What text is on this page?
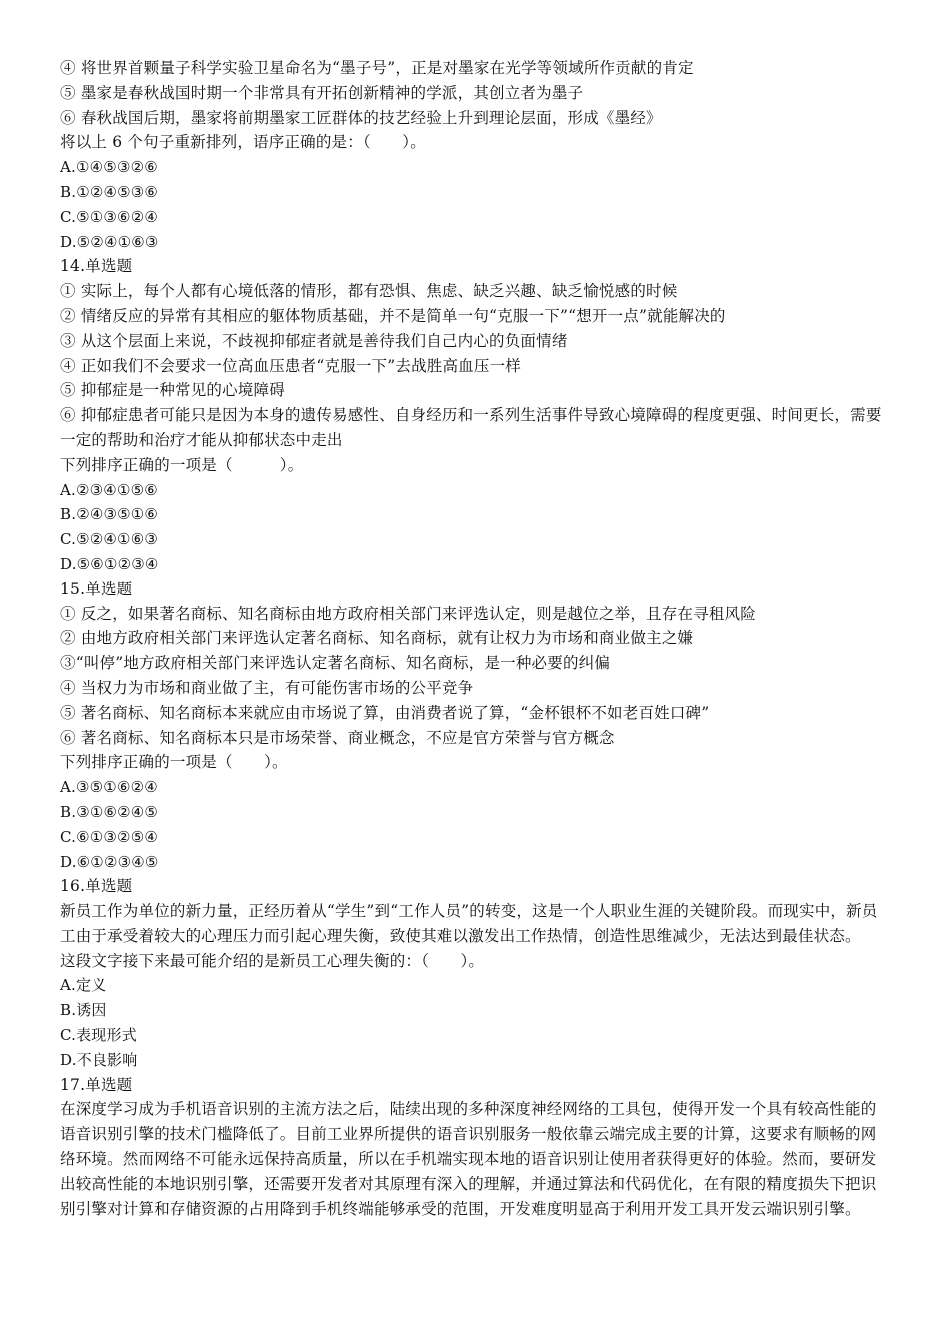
④ 将世界首颗量子科学实验卫星命名为“墨子号”，正是对墨家在光学等领域所作贡献的肯定
⑤ 墨家是春秋战国时期一个非常具有开拓创新精神的学派，其创立者为墨子
⑥ 春秋战国后期，墨家将前期墨家工匠群体的技艺经验上升到理论层面，形成《墨经》
将以上 6 个句子重新排列，语序正确的是：（　　）。
A.①④⑤③②⑥
B.①②④⑤③⑥
C.⑤①③⑥②④
D.⑤②④①⑥③
14.单选题
① 实际上，每个人都有心境低落的情形，都有恐惧、焦虑、缺乏兴趣、缺乏愉悦感的时候
② 情绪反应的异常有其相应的躯体物质基础，并不是简单一句“克服一下”“想开一点”就能解决的
③ 从这个层面上来说，不歧视抑郁症者就是善待我们自己内心的负面情绪
④ 正如我们不会要求一位高血压患者“克服一下”去战胜高血压一样
⑤ 抑郁症是一种常见的心境障碍
⑥ 抑郁症患者可能只是因为本身的遗传易感性、自身经历和一系列生活事件导致心境障碍的程度更强、时间更长，需要一定的帮助和治疗才能从抑郁状态中走出
下列排序正确的一项是（　　　）。
A.②③④①⑤⑥
B.②④③⑤①⑥
C.⑤②④①⑥③
D.⑤⑥①②③④
15.单选题
① 反之，如果著名商标、知名商标由地方政府相关部门来评选认定，则是越位之举，且存在寻租风险
② 由地方政府相关部门来评选认定著名商标、知名商标，就有让权力为市场和商业做主之嫌
③“叫停”地方政府相关部门来评选认定著名商标、知名商标，是一种必要的纠偏
④ 当权力为市场和商业做了主，有可能伤害市场的公平竞争
⑤ 著名商标、知名商标本来就应由市场说了算，由消费者说了算，“金杯银杯不如老百姓口碑”
⑥ 著名商标、知名商标本只是市场荣誉、商业概念，不应是官方荣誉与官方概念
下列排序正确的一项是（　　）。
A.③⑤①⑥②④
B.③①⑥②④⑤
C.⑥①③②⑤④
D.⑥①②③④⑤
16.单选题
新员工作为单位的新力量，正经历着从“学生”到“工作人员”的转变，这是一个人职业生涯的关键阶段。而现实中，新员工由于承受着较大的心理压力而引起心理失衡，致使其难以激发出工作热情，创造性思维减少，无法达到最佳状态。
这段文字接下来最可能介绍的是新员工心理失衡的：（　　）。
A.定义
B.诱因
C.表现形式
D.不良影响
17.单选题
在深度学习成为手机语音识别的主流方法之后，陆续出现的多种深度神经网络的工具包，使得开发一个具有较高性能的语音识别引擎的技术门槛降低了。目前工业界所提供的语音识别服务一般依靠云端完成主要的计算，这要求有顺畅的网络环境。然而网络不可能永远保持高质量，所以在手机端实现本地的语音识别让使用者获得更好的体验。然而，要研发出较高性能的本地识别引擎，还需要开发者对其原理有深入的理解，并通过算法和代码优化，在有限的精度损失下把识别引擎对计算和存储资源的占用降到手机终端能够承受的范围，开发难度明显高于利用开发工具开发云端识别引擎。
